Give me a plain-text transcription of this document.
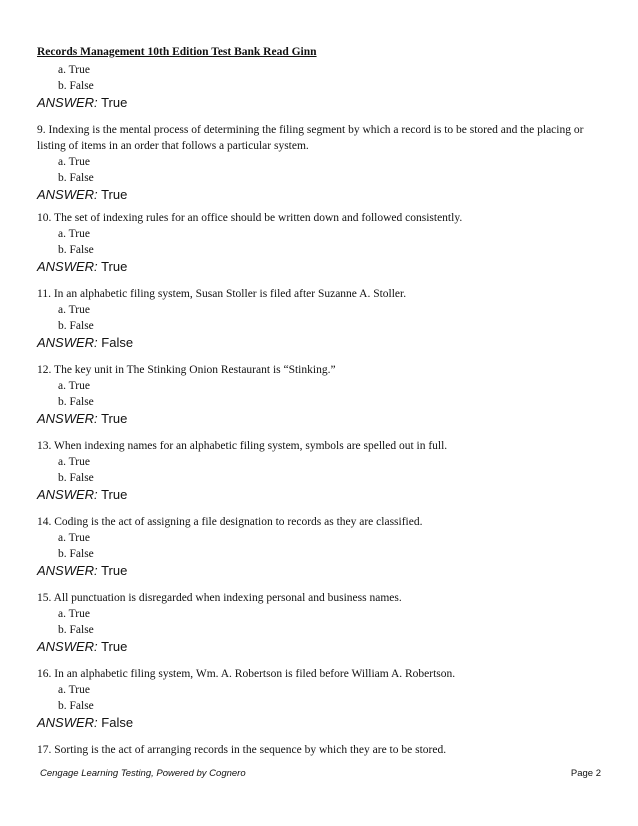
Records Management 10th Edition Test Bank Read Ginn

a. True

b. False

ANSWER: True

9. Indexing is the mental process of determining the filing segment by which a record is to be stored and the placing or listing of items in an order that follows a particular system.

a. True

b. False

ANSWER: True

10. The set of indexing rules for an office should be written down and followed consistently.

a. True

b. False

ANSWER: True

11. In an alphabetic filing system, Susan Stoller is filed after Suzanne A. Stoller.

a. True

b. False

ANSWER: False

12. The key unit in The Stinking Onion Restaurant is “Stinking.”

a. True

b. False

ANSWER: True

13. When indexing names for an alphabetic filing system, symbols are spelled out in full.

a. True

b. False

ANSWER: True

14. Coding is the act of assigning a file designation to records as they are classified.

a. True

b. False

ANSWER: True

15. All punctuation is disregarded when indexing personal and business names.

a. True

b. False

ANSWER: True

16. In an alphabetic filing system, Wm. A. Robertson is filed before William A. Robertson.

a. True

b. False

ANSWER: False

17. Sorting is the act of arranging records in the sequence by which they are to be stored.

Cengage Learning Testing, Powered by Cognero	Page 2
